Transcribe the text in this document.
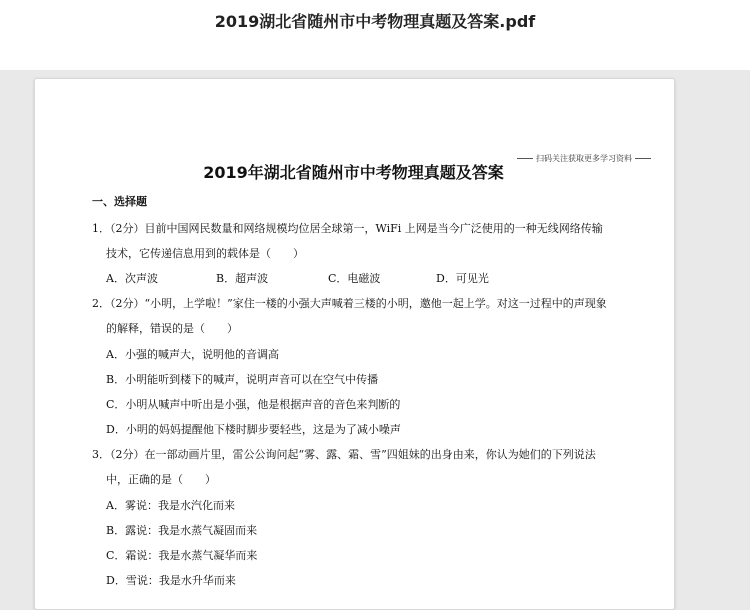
2019湖北省随州市中考物理真题及答案.pdf
扫码关注获取更多学习资料
2019年湖北省随州市中考物理真题及答案
一、选择题
1．（2分）目前中国网民数量和网络规模均位居全球第一，WiFi 上网是当今广泛使用的一种无线网络传输
技术，它传递信息用到的载体是（　　）
A．次声波	B．超声波	C．电磁波	D．可见光
2．（2分）“小明，上学啦！”家住一楼的小强大声喊着三楼的小明，邀他一起上学。对这一过程中的声现象
的解释，错误的是（　　）
A．小强的喊声大，说明他的音调高
B．小明能听到楼下的喊声，说明声音可以在空气中传播
C．小明从喊声中听出是小强，他是根据声音的音色来判断的
D．小明的妈妈提醒他下楼时脚步要轻些，这是为了减小噪声
3．（2分）在一部动画片里，雷公公询问起“雾、露、霜、雪”四姐妹的出身由来，你认为她们的下列说法
中，正确的是（　　）
A．雾说：我是水汽化而来
B．露说：我是水蒸气凝固而来
C．霜说：我是水蒸气凝华而来
D．雪说：我是水升华而来
